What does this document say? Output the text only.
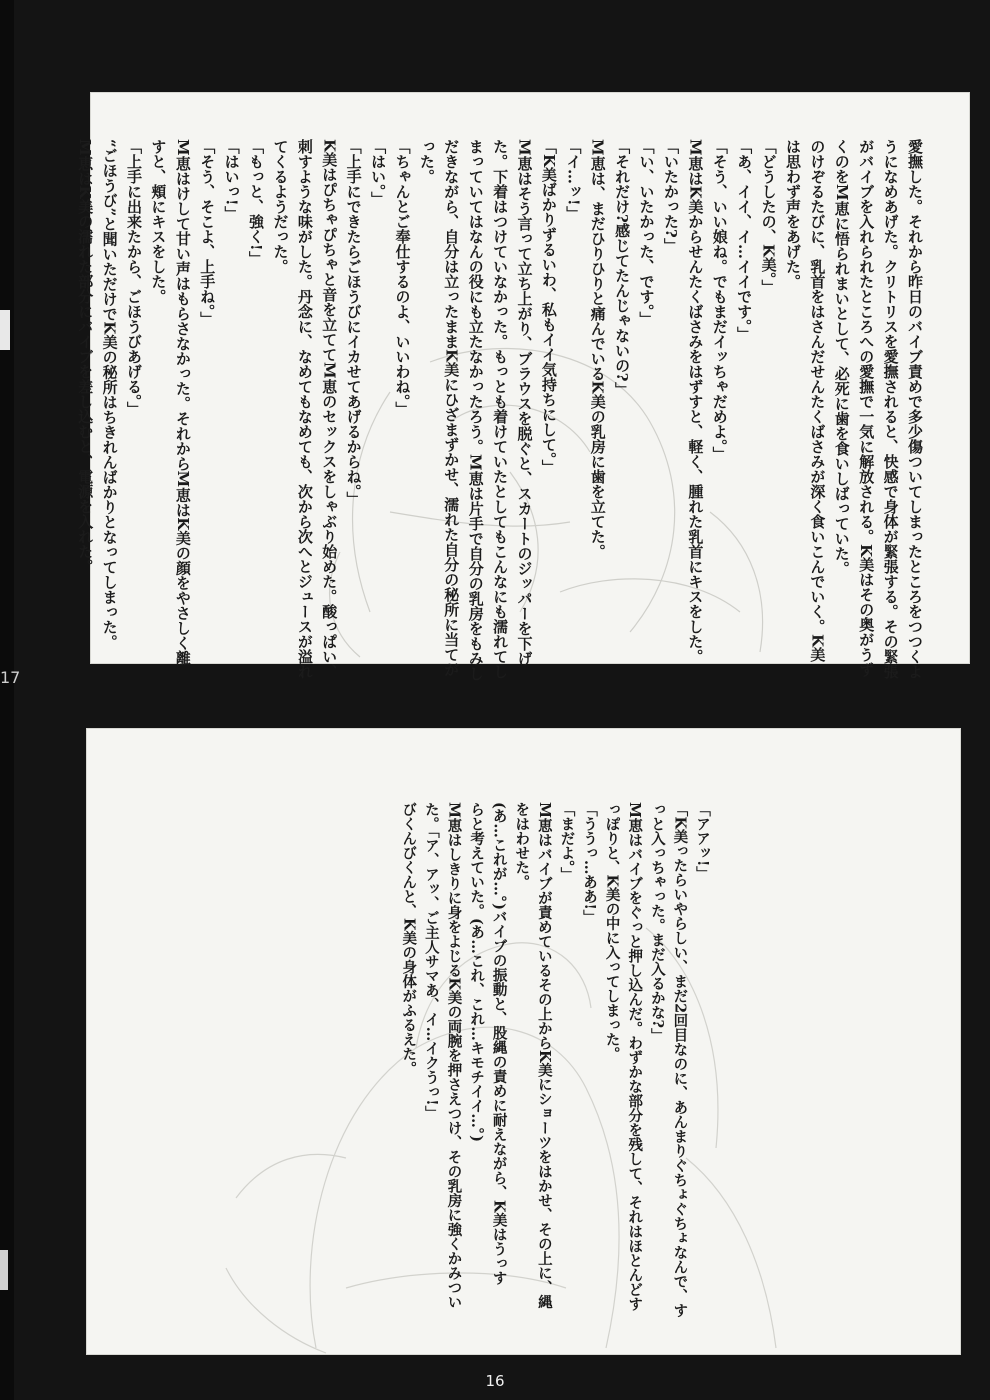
17	愛撫した。それから昨日のバイブ責めで多少傷ついてしまったところをつつくよ

うになめあげた。クリトリスを愛撫されると、快感で身体が緊張する。その緊張

がバイブを入れられたところへの愛撫で一気に解放される。K美はその奥がうず

くのをM恵に悟られまいとして、必死に歯を食いしばっていた。

のけぞるたびに、乳首をはさんだせんたくばさみが深く食いこんでいく。K美

は思わず声をあげた。

「どうしたの、K美。」

「あ、イイ、イ…イイです。」

「そう、いい娘ね。でもまだイッちゃだめよ。」

M恵はK美からせんたくばさみをはずすと、軽く、腫れた乳首にキスをした。

「いたかった?」

「い、いたかった、です。」

「それだけ?感じてたんじゃないの?」

M恵は、まだひりひりと痛んでいるK美の乳房に歯を立てた。

「イ…ッ!」

「K美ばかりずるいわ、私もイイ気持ちにして。」

M恵はそう言って立ち上がり、ブラウスを脱ぐと、スカートのジッパーを下げ

た。下着はつけていなかった。もっとも着けていたとしてもこんなにも濡れてし

まっていてはなんの役にも立たなかったろう。M恵は片手で自分の乳房をもみし

だきながら、自分は立ったままK美にひざまずかせ、濡れた自分の秘所に当てが

った。

「ちゃんとご奉仕するのよ、いいわね。」

「はい。」

「上手にできたらごほうびにイカせてあげるからね。」

K美はぴちゃぴちゃと音を立ててM恵のセックスをしゃぶり始めた。酸っぱい、

刺すような味がした。丹念に、なめてもなめても、次から次へとジュースが溢れ

てくるようだった。

「もっと、強く!」

「はいっ!」

「そう、そこよ、上手ね。」

M恵はけして甘い声はもらさなかった。それからM恵はK美の顔をやさしく離

すと、頬にキスをした。

「上手に出来たから、ごほうびあげる。」

“ごほうび”と聞いただけでK美の秘所はちきれんばかりとなってしまった。

M恵はK美の濡れた部分にバイブを差し込むと、電源を入れた。

「アアッ!」

「K美ったらいやらしい、まだ2回目なのに、あんまりぐちょぐちょなんで、す

っと入っちゃった。まだ入るかな?」

M恵はバイブをぐっと押し込んだ。わずかな部分を残して、それはほとんどす

っぽりと、K美の中に入ってしまった。

「ううっ…ああ!」

「まだよ。」

M恵はバイブが責めているその上からK美にショーツをはかせ、その上に、縄

をはわせた。

(あ…これが…。)バイブの振動と、股縄の責めに耐えながら、K美はうっす

らと考えていた。(あ…これ、これ…キモチイイ…。)

M恵はしきりに身をよじるK美の両腕を押さえつけ、その乳房に強くかみつい

た。「ア、アッ、ご主人サマあ、イ…イクうっ!」

びくんびくんと、K美の身体がふるえた。

16
